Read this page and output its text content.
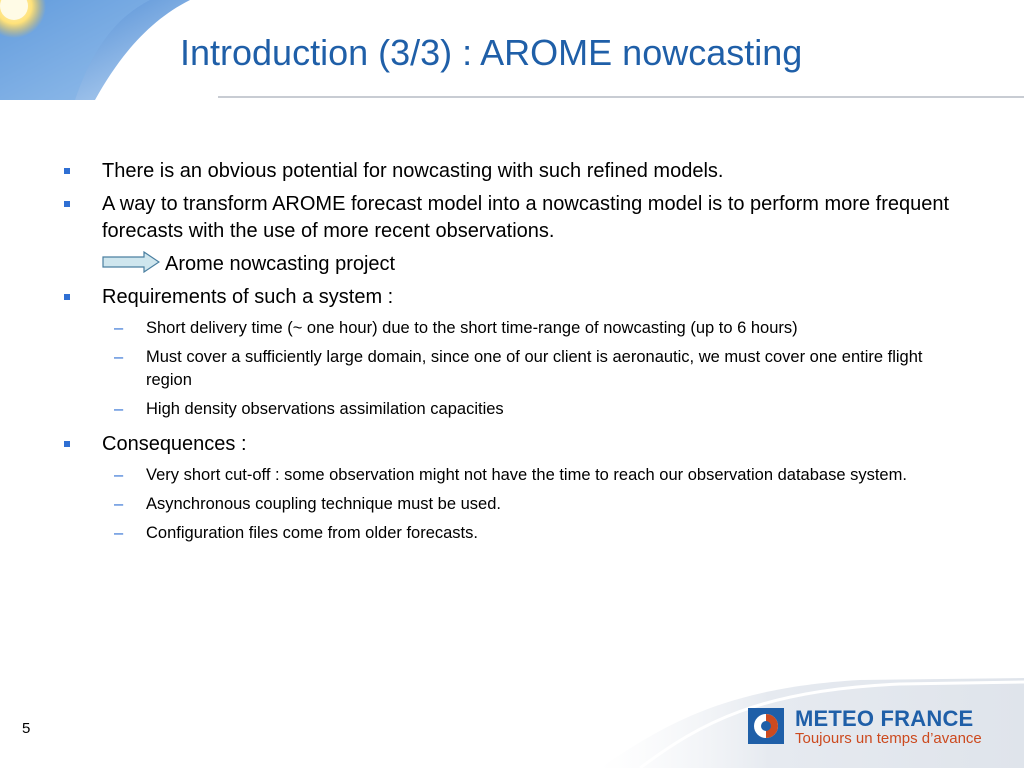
Introduction (3/3) : AROME nowcasting
There is an obvious potential for nowcasting with such refined models.
A way to transform AROME forecast model into a nowcasting model is to perform more frequent forecasts with the use of more recent observations.
Arome nowcasting project
Requirements of such a system :
– Short delivery time (~ one hour) due to the short time-range of nowcasting (up to 6 hours)
– Must cover a sufficiently large domain, since one of our client is aeronautic, we must cover one entire flight region
– High density observations assimilation capacities
Consequences :
– Very short cut-off : some observation might not have the time to reach our observation database system.
– Asynchronous coupling technique must be used.
– Configuration files come from older forecasts.
METEO FRANCE
Toujours un temps d’avance
5
